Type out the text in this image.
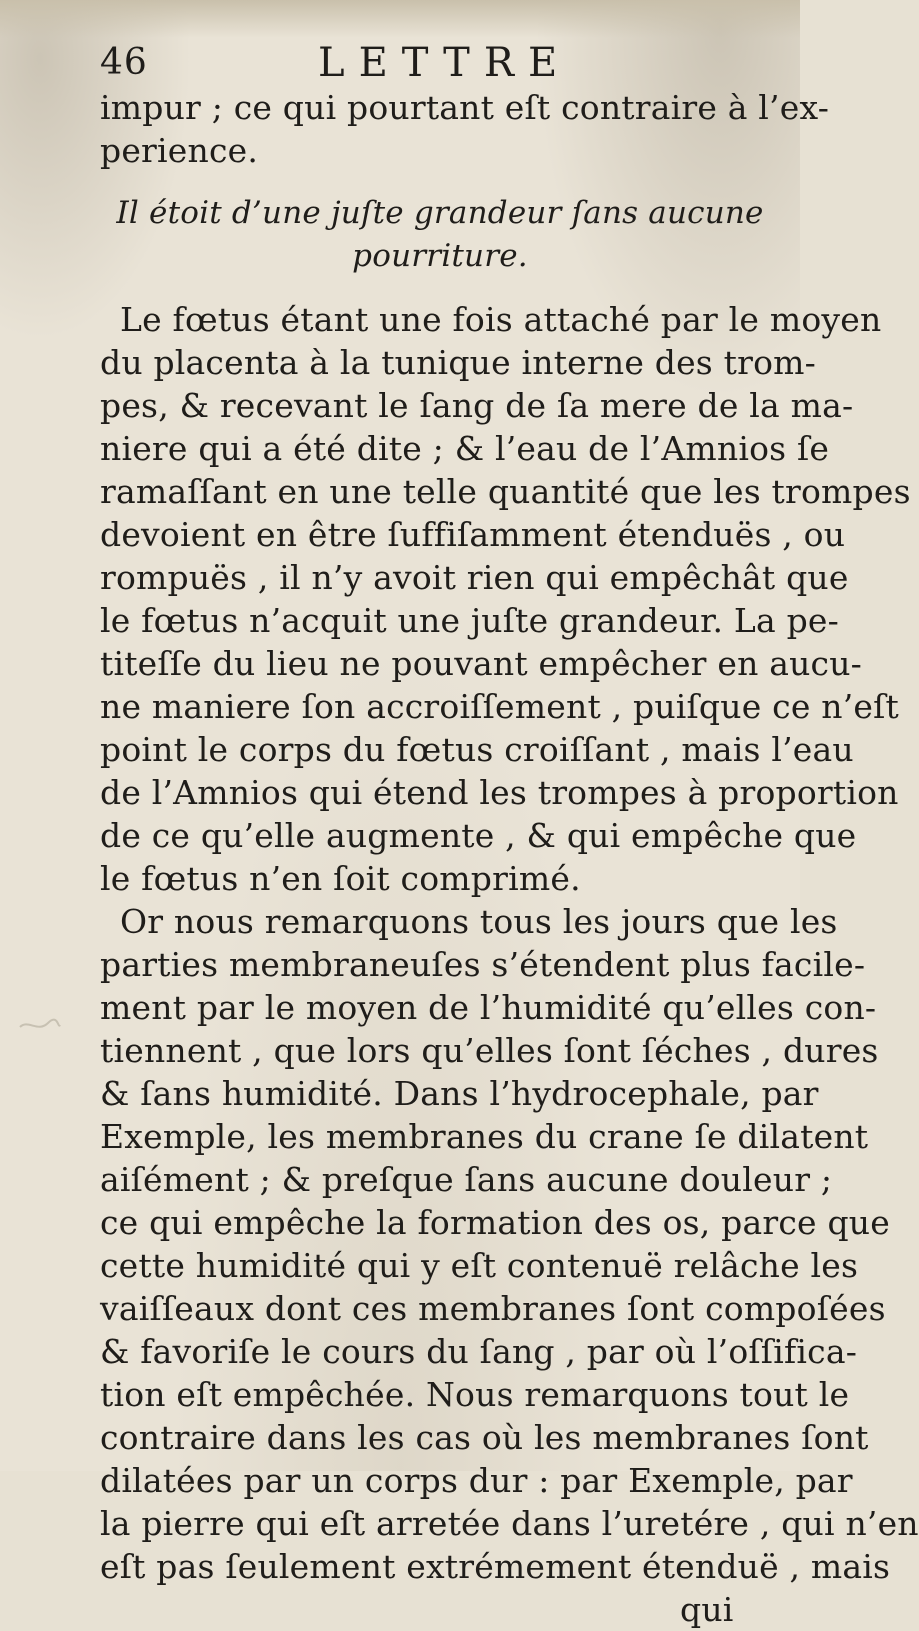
46	LETTRE
impur ; ce qui pourtant eſt contraire à l’ex-
perience.
Il étoit d’une juſte grandeur ſans aucune
pourriture.
Le fœtus étant une fois attaché par le moyen
du placenta à la tunique interne des trom-
pes, & recevant le ſang de ſa mere de la ma-
niere qui a été dite ; & l’eau de l’Amnios ſe
ramaſſant en une telle quantité que les trompes
devoient en être ſuffiſamment étenduës , ou
rompuës , il n’y avoit rien qui empêchât que
le fœtus n’acquit une juſte grandeur. La pe-
titeſſe du lieu ne pouvant empêcher en aucu-
ne maniere ſon accroiſſement , puiſque ce n’eſt
point le corps du fœtus croiſſant , mais l’eau
de l’Amnios qui étend les trompes à proportion
de ce qu’elle augmente , & qui empêche que
le fœtus n’en ſoit comprimé.
Or nous remarquons tous les jours que les
parties membraneuſes s’étendent plus facile-
ment par le moyen de l’humidité qu’elles con-
tiennent , que lors qu’elles ſont ſéches , dures
& ſans humidité. Dans l’hydrocephale, par
Exemple, les membranes du crane ſe dilatent
aiſément ; & preſque ſans aucune douleur ;
ce qui empêche la formation des os, parce que
cette humidité qui y eſt contenuë relâche les
vaiſſeaux dont ces membranes ſont compoſées
& favoriſe le cours du ſang , par où l’oſſifica-
tion eſt empêchée. Nous remarquons tout le
contraire dans les cas où les membranes ſont
dilatées par un corps dur : par Exemple, par
la pierre qui eſt arretée dans l’uretére , qui n’en
eſt pas ſeulement extrémement étenduë , mais
qui
